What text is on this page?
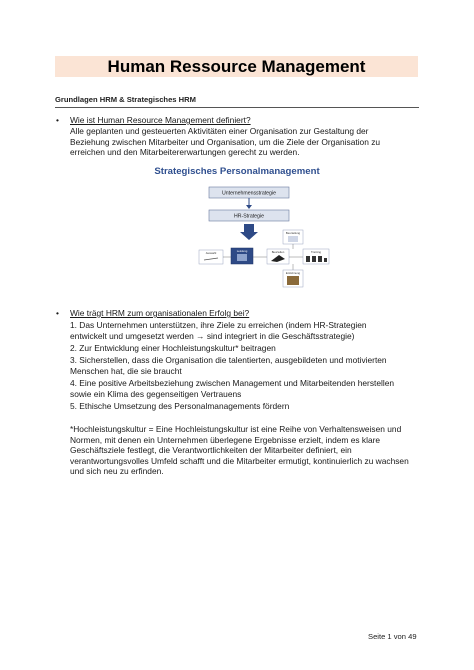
Human Ressource Management
Grundlagen HRM & Strategisches HRM
• Wie ist Human Resource Management definiert?
Alle geplanten und gesteuerten Aktivitäten einer Organisation zur Gestaltung der
Beziehung zwischen Mitarbeiter und Organisation, um die Ziele der Organisation zu
erreichen und den Mitarbeitererwartungen gerecht zu werden.
Strategisches Personalmanagement
Unternehmensstrategie
HR-Strategie
Beurteilung
Auswahl	Leistung	Beurteilen	Training
Entlohnung
• Wie trägt HRM zum organisationalen Erfolg bei?
1. Das Unternehmen unterstützen, ihre Ziele zu erreichen (indem HR-Strategien
entwickelt und umgesetzt werden → sind integriert in die Geschäftsstrategie)
2. Zur Entwicklung einer Hochleistungskultur* beitragen
3. Sicherstellen, dass die Organisation die talentierten, ausgebildeten und motivierten
Menschen hat, die sie braucht
4. Eine positive Arbeitsbeziehung zwischen Management und Mitarbeitenden herstellen
sowie ein Klima des gegenseitigen Vertrauens
5. Ethische Umsetzung des Personalmanagements fördern
*Hochleistungskultur = Eine Hochleistungskultur ist eine Reihe von Verhaltensweisen und
Normen, mit denen ein Unternehmen überlegene Ergebnisse erzielt, indem es klare
Geschäftsziele festlegt, die Verantwortlichkeiten der Mitarbeiter definiert, ein
verantwortungsvolles Umfeld schafft und die Mitarbeiter ermutigt, kontinuierlich zu wachsen
und sich neu zu erfinden.
Seite 1 von 49
